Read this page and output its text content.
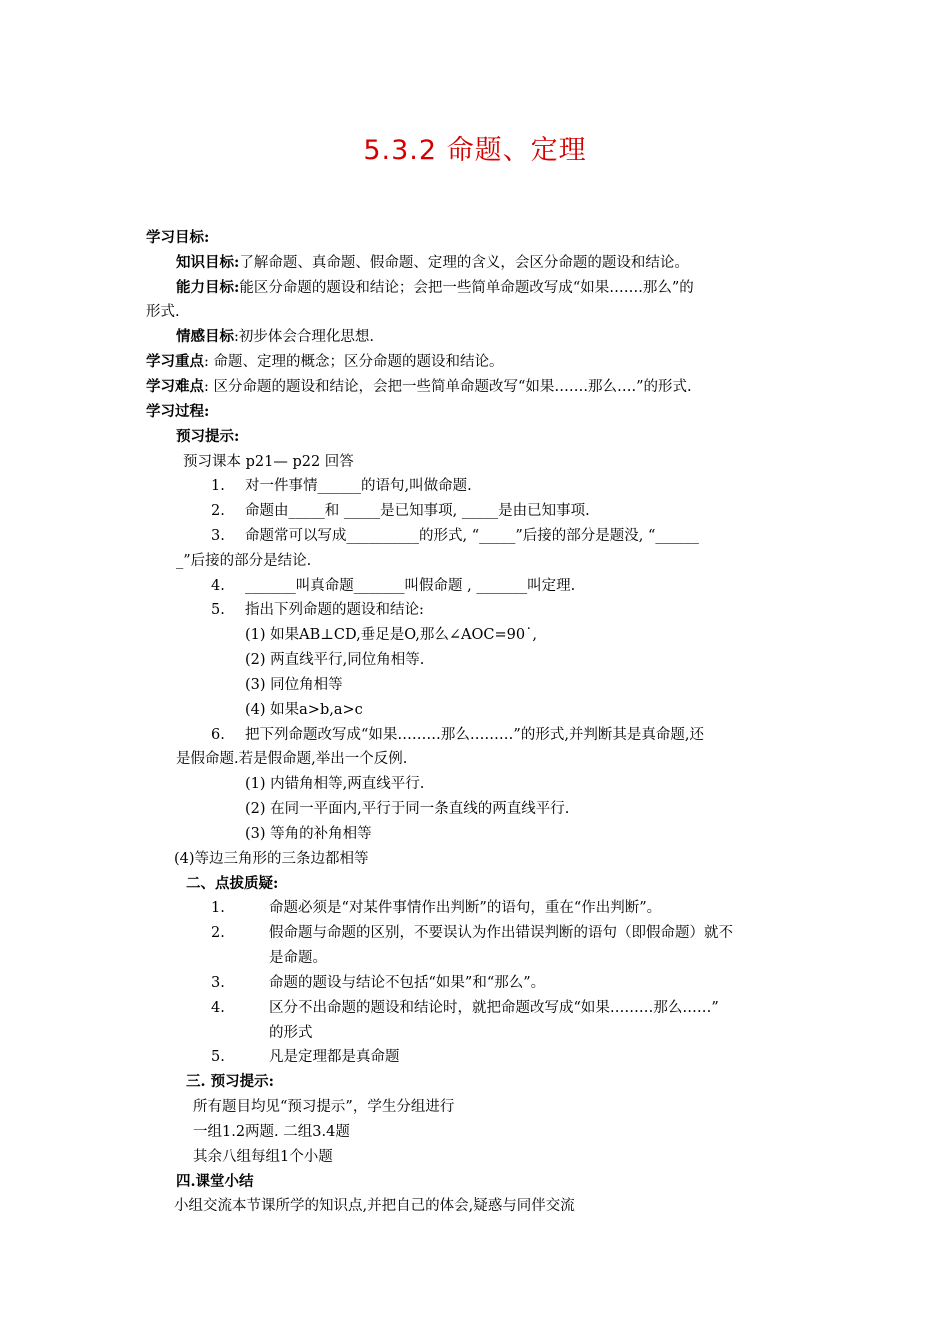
5.3.2 命题、定理
学习目标:
知识目标:了解命题、真命题、假命题、定理的含义，会区分命题的题设和结论。
能力目标:能区分命题的题设和结论；会把一些简单命题改写成“如果…….那么”的
形式.
情感目标:初步体会合理化思想.
学习重点: 命题、定理的概念；区分命题的题设和结论。
学习难点: 区分命题的题设和结论，会把一些简单命题改写“如果…….那么….”的形式.
学习过程:
预习提示:
预习课本 p21— p22 回答
1. 对一件事情______的语句,叫做命题.
2. 命题由_____和 _____是已知事项, _____是由已知事项.
3. 命题常可以写成__________的形式, “_____”后接的部分是题没, “______
_”后接的部分是结论.
4. _______叫真命题_______叫假命题 , _______叫定理.
5. 指出下列命题的题设和结论:
(1) 如果AB⊥CD,垂足是O,那么∠AOC=90˙,
(2) 两直线平行,同位角相等.
(3) 同位角相等
(4) 如果a>b,a>c
6. 把下列命题改写成“如果………那么………”的形式,并判断其是真命题,还
是假命题.若是假命题,举出一个反例.
(1) 内错角相等,两直线平行.
(2) 在同一平面内,平行于同一条直线的两直线平行.
(3) 等角的补角相等
(4)等边三角形的三条边都相等
二、点拔质疑:
1.	命题必须是“对某件事情作出判断”的语句，重在“作出判断”。
2.	假命题与命题的区别，不要误认为作出错误判断的语句（即假命题）就不
是命题。
3.	命题的题设与结论不包括“如果”和“那么”。
4.	区分不出命题的题设和结论时，就把命题改写成“如果………那么……”
的形式
5.	凡是定理都是真命题
三. 预习提示:
所有题目均见“预习提示”，学生分组进行
一组1.2两题. 二组3.4题
其余八组每组1个小题
四.课堂小结
小组交流本节课所学的知识点,并把自己的体会,疑惑与同伴交流
